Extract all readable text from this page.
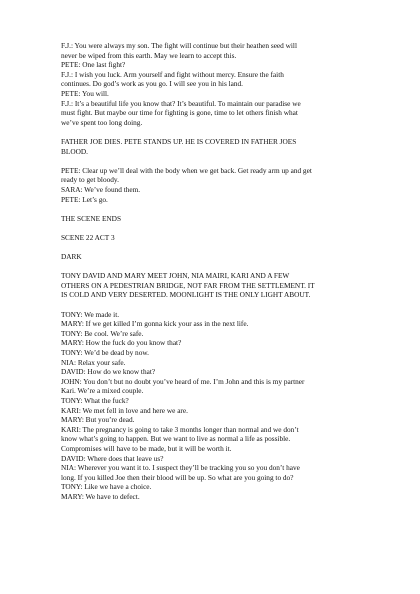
F.J.: You were always my son. The fight will continue but their heathen seed will

never be wiped from this earth. May we learn to accept this.

PETE: One last fight?

F.J.: I wish you luck. Arm yourself and fight without mercy. Ensure the faith

continues. Do god’s work as you go. I will see you in his land.

PETE: You will.

F.J.: It’s a beautiful life you know that? It’s beautiful. To maintain our paradise we

must fight. But maybe our time for fighting is gone, time to let others finish what

we’ve spent too long doing.

FATHER JOE DIES. PETE STANDS UP. HE IS COVERED IN FATHER JOES

BLOOD.

PETE: Clear up we’ll deal with the body when we get back. Get ready arm up and get

ready to get bloody.

SARA: We’ve found them.

PETE: Let’s go.

THE SCENE ENDS

SCENE 22 ACT 3

DARK

TONY DAVID AND MARY MEET JOHN, NIA MAIRI, KARI AND A FEW

OTHERS ON A PEDESTRIAN BRIDGE, NOT FAR FROM THE SETTLEMENT. IT

IS COLD AND VERY DESERTED. MOONLIGHT IS THE ONLY LIGHT ABOUT.

TONY: We made it.

MARY: If we get killed I’m gonna kick your ass in the next life.

TONY: Be cool. We’re safe.

MARY: How the fuck do you know that?

TONY: We’d be dead by now.

NIA: Relax your safe.

DAVID: How do we know that?

JOHN: You don’t but no doubt you’ve heard of me. I’m John and this is my partner

Kari. We’re a mixed couple.

TONY: What the fuck?

KARI: We met fell in love and here we are.

MARY: But you’re dead.

KARI: The pregnancy is going to take 3 months longer than normal and we don’t

know what’s going to happen. But we want to live as normal a life as possible.

Compromises will have to be made, but it will be worth it.

DAVID: Where does that leave us?

NIA: Wherever you want it to. I suspect they’ll be tracking you so you don’t have

long. If you killed Joe then their blood will be up. So what are you going to do?

TONY: Like we have a choice.

MARY: We have to defect.
